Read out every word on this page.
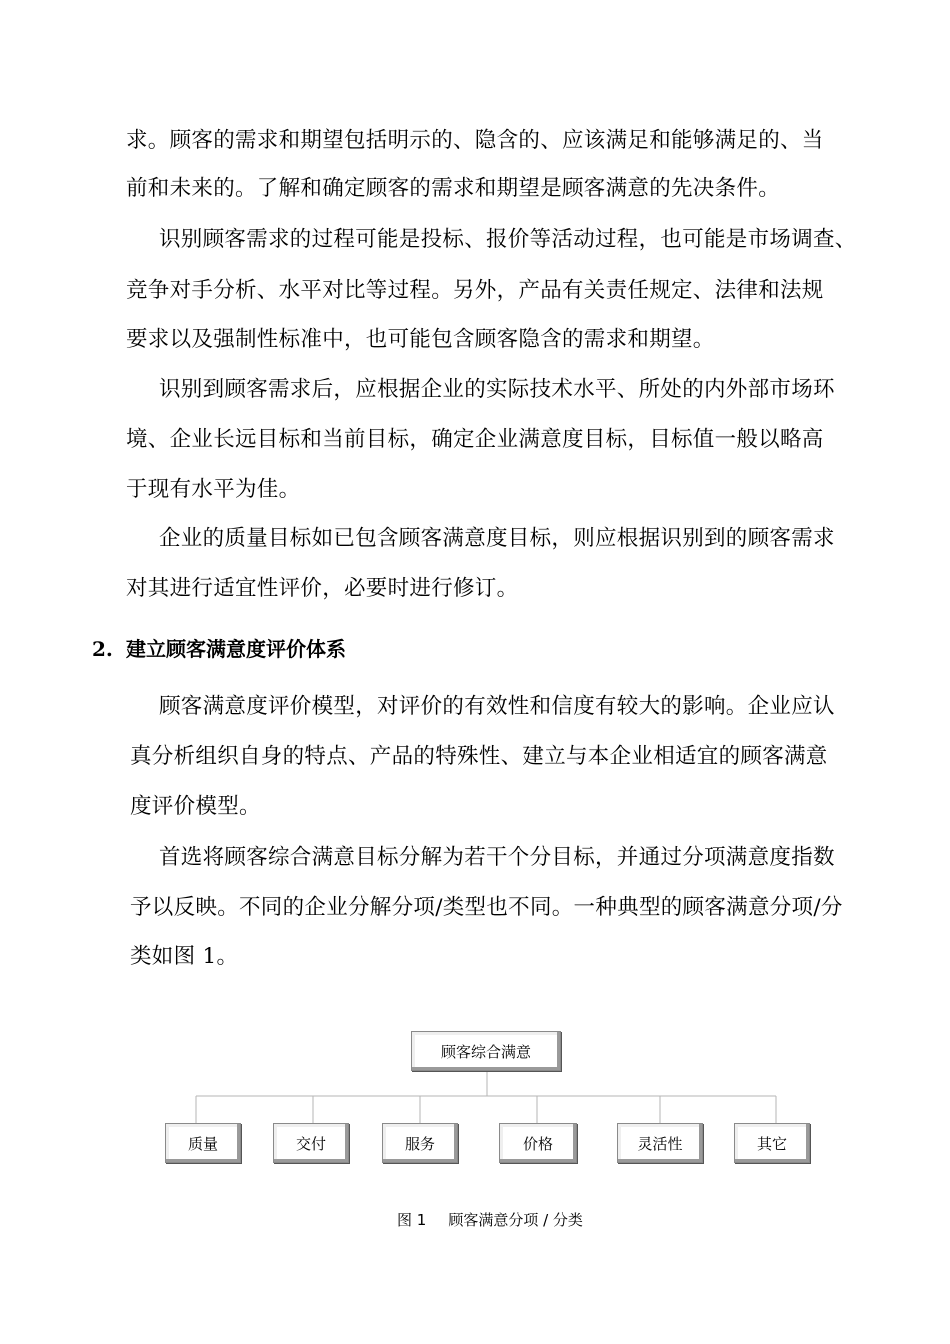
求。顾客的需求和期望包括明示的、隐含的、应该满足和能够满足的、当
前和未来的。了解和确定顾客的需求和期望是顾客满意的先决条件。
识别顾客需求的过程可能是投标、报价等活动过程，也可能是市场调查、
竞争对手分析、水平对比等过程。另外，产品有关责任规定、法律和法规
要求以及强制性标准中，也可能包含顾客隐含的需求和期望。
识别到顾客需求后，应根据企业的实际技术水平、所处的内外部市场环
境、企业长远目标和当前目标，确定企业满意度目标，目标值一般以略高
于现有水平为佳。
企业的质量目标如已包含顾客满意度目标，则应根据识别到的顾客需求
对其进行适宜性评价，必要时进行修订。
2. 建立顾客满意度评价体系
顾客满意度评价模型，对评价的有效性和信度有较大的影响。企业应认
真分析组织自身的特点、产品的特殊性、建立与本企业相适宜的顾客满意
度评价模型。
首选将顾客综合满意目标分解为若干个分目标，并通过分项满意度指数
予以反映。不同的企业分解分项/类型也不同。一种典型的顾客满意分项/分
类如图 1。
顾客综合满意
质量	交付	服务	价格	灵活性	其它
图 1 顾客满意分项 / 分类
